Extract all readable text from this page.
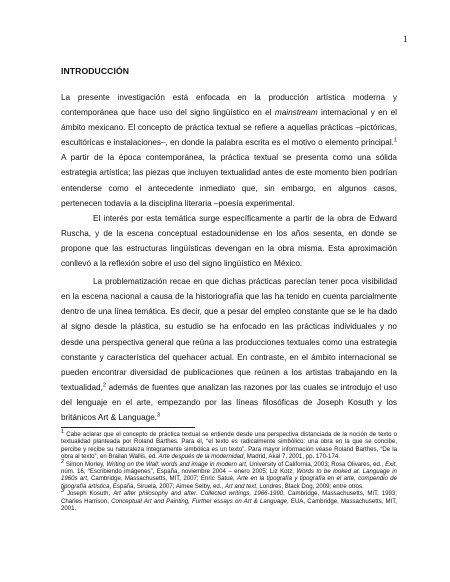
1
INTRODUCCIÓN

La presente investigación está enfocada en la producción artística moderna y contemporánea que hace uso del signo lingüístico en el mainstream internacional y en el ámbito mexicano. El concepto de práctica textual se refiere a aquellas prácticas –pictóricas, escultóricas e instalaciones–, en donde la palabra escrita es el motivo o elemento principal.$^1$ A partir de la época contemporánea, la práctica textual se presenta como una sólida estrategia artística; las piezas que incluyen textualidad antes de este momento bien podrían entenderse como el antecedente inmediato que, sin embargo, en algunos casos, pertenecen todavía a la disciplina literaria –poesía experimental.

El interés por esta temática surge específicamente a partir de la obra de Edward Ruscha, y de la escena conceptual estadounidense en los años sesenta, en donde se propone que las estructuras lingüísticas devengan en la obra misma. Esta aproximación conllevó a la reflexión sobre el uso del signo lingüístico en México.

La problematización recae en que dichas prácticas parecían tener poca visibilidad en la escena nacional a causa de la historiografía que las ha tenido en cuenta parcialmente dentro de una línea temática. Es decir, que a pesar del empleo constante que se le ha dado al signo desde la plástica, su estudio se ha enfocado en las prácticas individuales y no desde una perspectiva general que reúna a las producciones textuales como una estrategia constante y característica del quehacer actual. En contraste, en el ámbito internacional se pueden encontrar diversidad de publicaciones que reúnen a los artistas trabajando en la textualidad,$^2$ además de fuentes que analizan las razones por las cuales se introdujo el uso del lenguaje en el arte, empezando por las líneas filosóficas de Joseph Kosuth y los británicos Art & Language.$^3$

$^1$ Cabe aclarar que el concepto de práctica textual se entiende desde una perspectiva distanciada de la noción de texto o textualidad planteada por Roland Barthes. Para él, “el texto es radicalmente simbólico: una obra en la que se concibe, percibe y recibe su naturaleza íntegramente simbólica es un texto”. Para mayor información véase Roland Barthes, “De la obra al texto”, en Brailan Wallis, ed. Arte después de la modernidad, Madrid, Akal 7, 2001, pp. 170-174.

$^2$ Simon Morley, Writing on the Wall: words and image in modern art, University of California, 2003; Rosa Olivares, ed., Exit, núm. 16, “Escribiendo imágenes”, España, noviembre 2004 – enero 2005; Liz Kotz, Words to be looked at. Language in 1960s art, Cambridge, Massachusetts, MIT, 2007; Enric Satué, Arte en la tipografía y tipografía en el arte, compendio de tipografía artística, España, Siruela, 2007; Aimee Selby, ed., Art and text, Londres, Black Dog, 2009; entre otros.

$^3$ Joseph Kosuth, Art after philosophy and after. Collected writings, 1966-1990, Cambridge, Massachusetts, MIT, 1993; Charles Harrison, Conceptual Art and Painting, Further essays on Art & Language, EUA, Cambridge, Massachusetts, MIT, 2001.
